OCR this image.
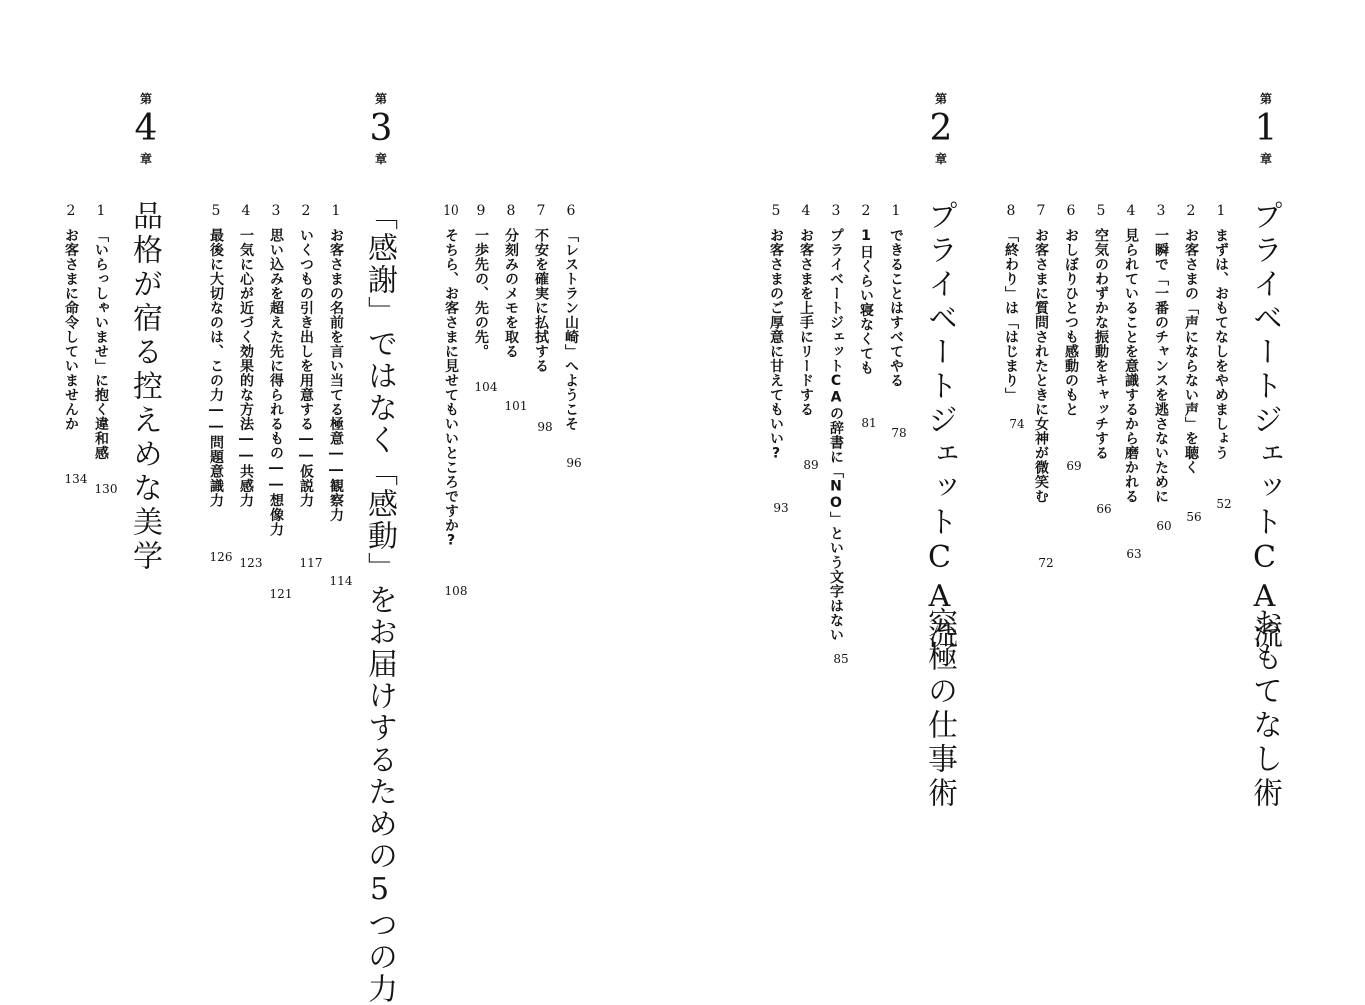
第
1
章
プライベートジェットCA流
おもてなし術
1まずは、おもてなしをやめましょう
52
2お客さまの「声にならない声」を聴く
56
3一瞬で「一番のチャンスを逃さないために
60
4見られていることを意識するから磨かれる
63
5空気のわずかな振動をキャッチする
66
6おしぼりひとつも感動のもと
69
7お客さまに質問されたときに女神が微笑む
72
8「終わり」は「はじまり」
74
第
2
章
プライベートジェットCA流
究極の仕事術
1できることはすべてやる
78
21日くらい寝なくても
81
3プライベートジェットCAの辞書に「NO」という文字はない
85
4お客さまを上手にリードする
89
5お客さまのご厚意に甘えてもいい?
93
6「レストラン山崎」へようこそ
96
7不安を確実に払拭する
98
8分刻みのメモを取る
101
9一歩先の、先の先。
104
10そちら、お客さまに見せてもいいところですか?
108
第
3
章
「感謝」ではなく「感動」をお届けするための5つの力
1お客さまの名前を言い当てる極意――観察力
114
2いくつもの引き出しを用意する――仮説力
117
3思い込みを超えた先に得られるもの――想像力
121
4一気に心が近づく効果的な方法――共感力
123
5最後に大切なのは、この力――問題意識力
126
第
4
章
品格が宿る控えめな美学
1「いらっしゃいませ」に抱く違和感
130
2お客さまに命令していませんか
134
